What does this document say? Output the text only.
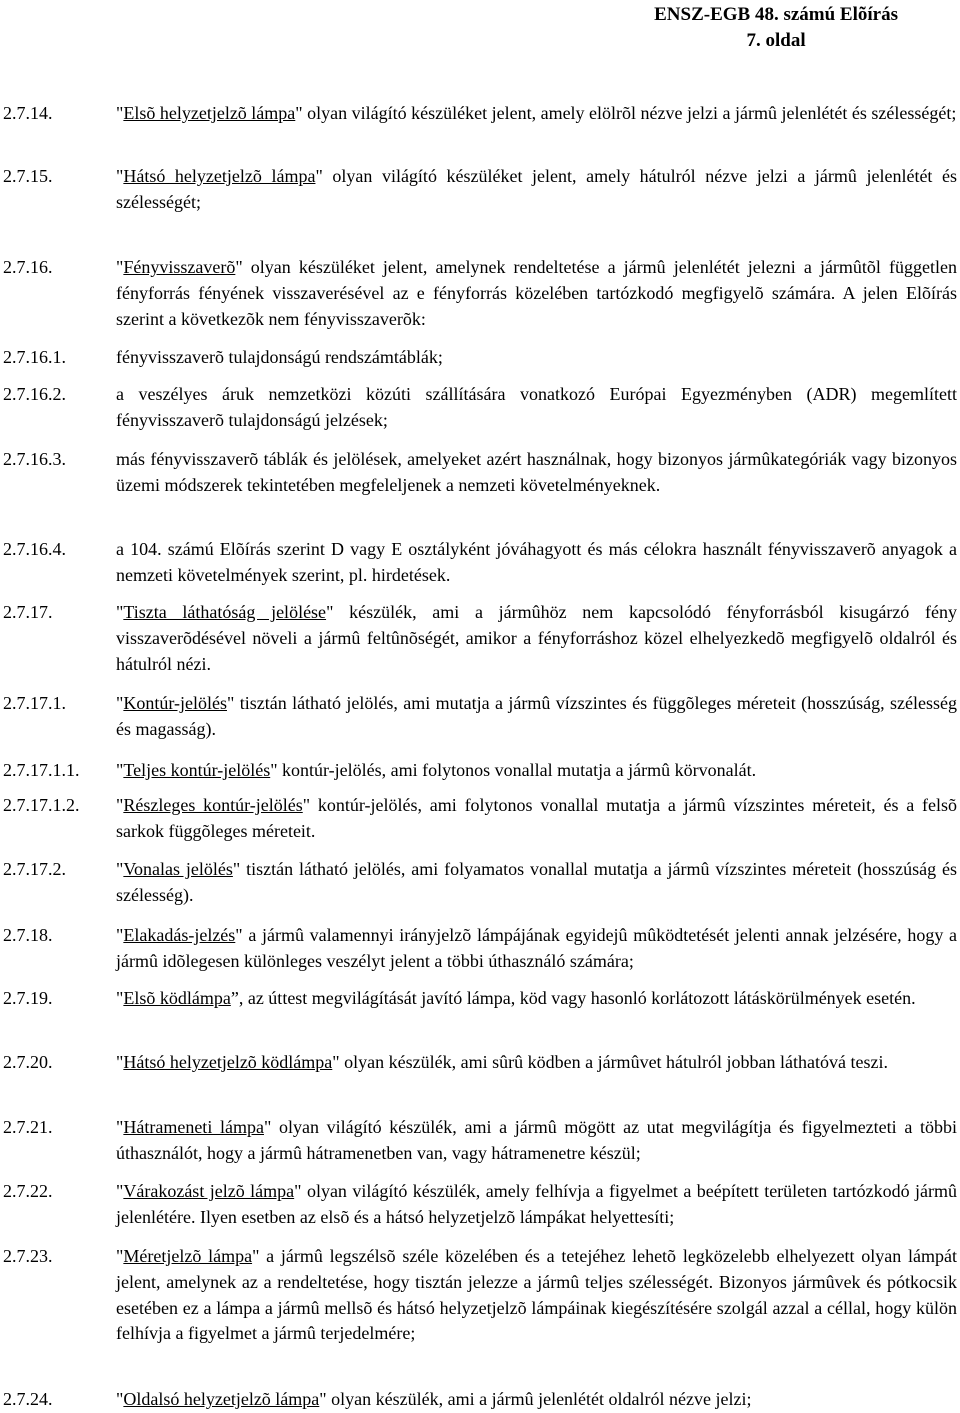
ENSZ-EGB 48. számú Elõírás
7. oldal
2.7.14.	"Elsõ helyzetjelzõ lámpa" olyan világító készüléket jelent, amely elölrõl nézve jelzi a jármû jelenlétét és szélességét;
2.7.15.	"Hátsó helyzetjelzõ lámpa" olyan világító készüléket jelent, amely hátulról nézve jelzi a jármû jelenlétét és szélességét;
2.7.16.	"Fényvisszaverõ" olyan készüléket jelent, amelynek rendeltetése a jármû jelenlétét jelezni a jármûtõl független fényforrás fényének visszaverésével az e fényforrás közelében tartózkodó megfigyelõ számára. A jelen Elõírás szerint a következõk nem fényvisszaverõk:
2.7.16.1.	fényvisszaverõ tulajdonságú rendszámtáblák;
2.7.16.2.	a veszélyes áruk nemzetközi közúti szállítására vonatkozó Európai Egyezményben (ADR) megemlített fényvisszaverõ tulajdonságú jelzések;
2.7.16.3.	más fényvisszaverõ táblák és jelölések, amelyeket azért használnak, hogy bizonyos jármûkategóriák vagy bizonyos üzemi módszerek tekintetében megfeleljenek a nemzeti követelményeknek.
2.7.16.4.	a 104. számú Elõírás szerint D vagy E osztályként jóváhagyott és más célokra használt fényvisszaverõ anyagok a nemzeti követelmények szerint, pl. hirdetések.
2.7.17.	"Tiszta láthatóság jelölése" készülék, ami a jármûhöz nem kapcsolódó fényforrásból kisugárzó fény visszaverõdésével növeli a jármû feltûnõségét, amikor a fényforráshoz közel elhelyezkedõ megfigyelõ oldalról és hátulról nézi.
2.7.17.1.	"Kontúr-jelölés" tisztán látható jelölés, ami mutatja a jármû vízszintes és függõleges méreteit (hosszúság, szélesség és magasság).
2.7.17.1.1. "Teljes kontúr-jelölés" kontúr-jelölés, ami folytonos vonallal mutatja a jármû körvonalát.
2.7.17.1.2. "Részleges kontúr-jelölés" kontúr-jelölés, ami folytonos vonallal mutatja a jármû vízszintes méreteit, és a felsõ sarkok függõleges méreteit.
2.7.17.2.	"Vonalas jelölés" tisztán látható jelölés, ami folyamatos vonallal mutatja a jármû vízszintes méreteit (hosszúság és szélesség).
2.7.18.	"Elakadás-jelzés" a jármû valamennyi irányjelzõ lámpájának egyidejû mûködtetését jelenti annak jelzésére, hogy a jármû idõlegesen különleges veszélyt jelent a többi úthasználó számára;
2.7.19.	"Elsõ ködlámpa”, az úttest megvilágítását javító lámpa, köd vagy hasonló korlátozott látáskörülmények esetén.
2.7.20.	"Hátsó helyzetjelzõ ködlámpa" olyan készülék, ami sûrû ködben a jármûvet hátulról jobban láthatóvá teszi.
2.7.21.	"Hátrameneti lámpa" olyan világító készülék, ami a jármû mögött az utat megvilágítja és figyelmezteti a többi úthasználót, hogy a jármû hátramenetben van, vagy hátramenetre készül;
2.7.22.	"Várakozást jelzõ lámpa" olyan világító készülék, amely felhívja a figyelmet a beépített területen tartózkodó jármû jelenlétére. Ilyen esetben az elsõ és a hátsó helyzetjelzõ lámpákat helyettesíti;
2.7.23.	"Méretjelzõ lámpa" a jármû legszélsõ széle közelében és a tetejéhez lehetõ legközelebb elhelyezett olyan lámpát jelent, amelynek az a rendeltetése, hogy tisztán jelezze a jármû teljes szélességét. Bizonyos jármûvek és pótkocsik esetében ez a lámpa a jármû mellsõ és hátsó helyzetjelzõ lámpáinak kiegészítésére szolgál azzal a céllal, hogy külön felhívja a figyelmet a jármû terjedelmére;
2.7.24.	"Oldalsó helyzetjelzõ lámpa" olyan készülék, ami a jármû jelenlétét oldalról nézve jelzi;
